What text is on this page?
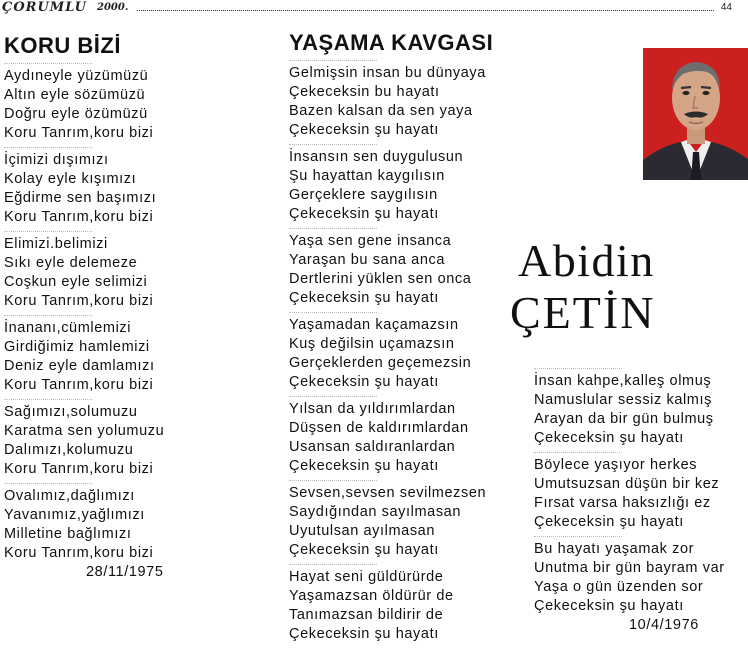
ÇORUMLU 2000.	44
KORU BİZİ
Aydıneyle yüzümüzü
Altın eyle sözümüzü
Doğru eyle özümüzü
Koru Tanrım,koru bizi
İçimizi dışımızı
Kolay eyle kışımızı
Eğdirme sen başımızı
Koru Tanrım,koru bizi
Elimizi.belimizi
Sıkı eyle delemeze
Coşkun eyle selimizi
Koru Tanrım,koru bizi
İnananı,cümlemizi
Girdiğimiz hamlemizi
Deniz eyle damlamızı
Koru Tanrım,koru bizi
Sağımızı,solumuzu
Karatma sen yolumuzu
Dalımızı,kolumuzu
Koru Tanrım,koru bizi
Ovalımız,dağlımızı
Yavanımız,yağlımızı
Milletine bağlımızı
Koru Tanrım,koru bizi
28/11/1975
YAŞAMA KAVGASI
Gelmişsin insan bu dünyaya
Çekeceksin bu hayatı
Bazen kalsan da sen yaya
Çekeceksin şu hayatı
İnsansın sen duygulusun
Şu hayattan kaygılısın
Gerçeklere saygılısın
Çekeceksin şu hayatı
Yaşa sen gene insanca
Yaraşan bu sana anca
Dertlerini yüklen sen onca
Çekeceksin şu hayatı
Yaşamadan kaçamazsın
Kuş değilsin uçamazsın
Gerçeklerden geçemezsin
Çekeceksin şu hayatı
Yılsan da yıldırımlardan
Düşsen de kaldırımlardan
Usansan saldıranlardan
Çekeceksin şu hayatı
Sevsen,sevsen sevilmezsen
Saydığından sayılmasan
Uyutulsan ayılmasan
Çekeceksin şu hayatı
Hayat seni güldürürde
Yaşamazsan öldürür de
Tanımazsan bildirir de
Çekeceksin şu hayatı
Abidin
ÇETİN
İnsan kahpe,kalleş olmuş
Namuslular sessiz kalmış
Arayan da bir gün bulmuş
Çekeceksin şu hayatı
Böylece yaşıyor herkes
Umutsuzsan düşün bir kez
Fırsat varsa haksızlığı ez
Çekeceksin şu hayatı
Bu hayatı yaşamak zor
Unutma bir gün bayram var
Yaşa o gün üzenden sor
Çekeceksin şu hayatı
10/4/1976
